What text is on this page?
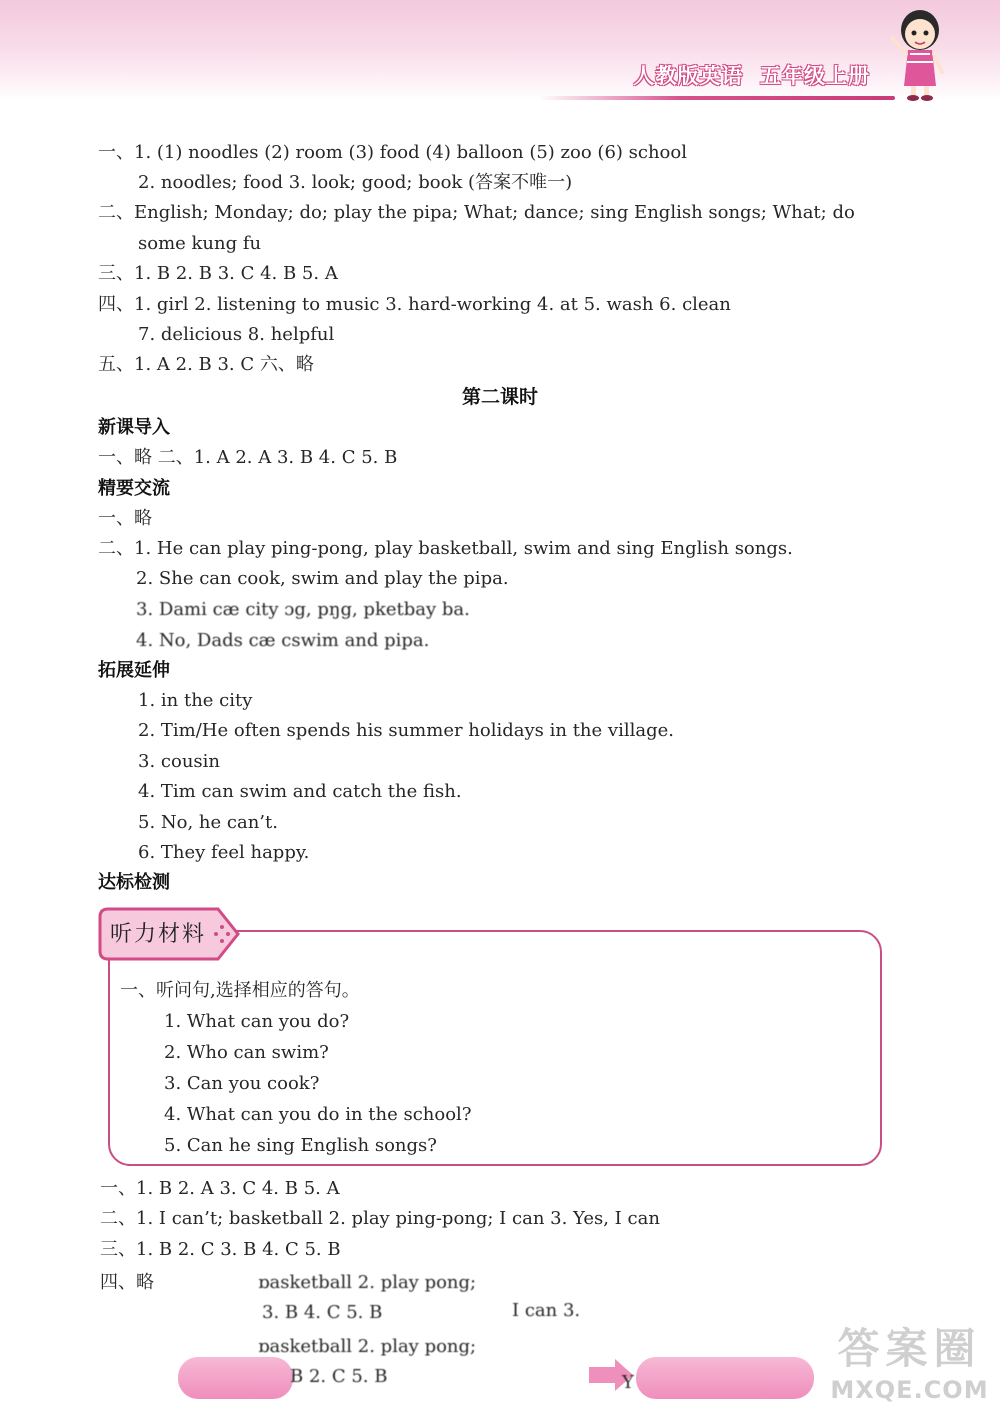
人教版英语 五年级上册
一、1. (1) noodles (2) room (3) food (4) balloon (5) zoo (6) school
2. noodles; food 3. look; good; book (答案不唯一)
二、English; Monday; do; play the pipa; What; dance; sing English songs; What; do
some kung fu
三、1. B 2. B 3. C 4. B 5. A
四、1. girl 2. listening to music 3. hard-working 4. at 5. wash 6. clean
7. delicious 8. helpful
五、1. A 2. B 3. C 六、略
第二课时
新课导入
一、略 二、1. A 2. A 3. B 4. C 5. B
精要交流
一、略
二、1. He can play ping-pong, play basketball, swim and sing English songs.
2. She can cook, swim and play the pipa.
3. Dami cæ city ɔg, pŋg, pketbay ba.
4. No, Dads cæ cswim and pipa.
拓展延伸
1. in the city
2. Tim/He often spends his summer holidays in the village.
3. cousin
4. Tim can swim and catch the fish.
5. No, he can’t.
6. They feel happy.
达标检测
听力材料
一、听问句,选择相应的答句。
1. What can you do?
2. Who can swim?
3. Can you cook?
4. What can you do in the school?
5. Can he sing English songs?
一、1. B 2. A 3. C 4. B 5. A
二、1. I can’t; basketball 2. play ping-pong; I can 3. Yes, I can
三、1. B 2. C 3. B 4. C 5. B
四、略	ɒasketball 2. play pong;
3. B 4. C 5. B	I can 3.
ɒasketball 2. play pong;
B 2. C 5. B	Y
答案圈
MXQE.COM
